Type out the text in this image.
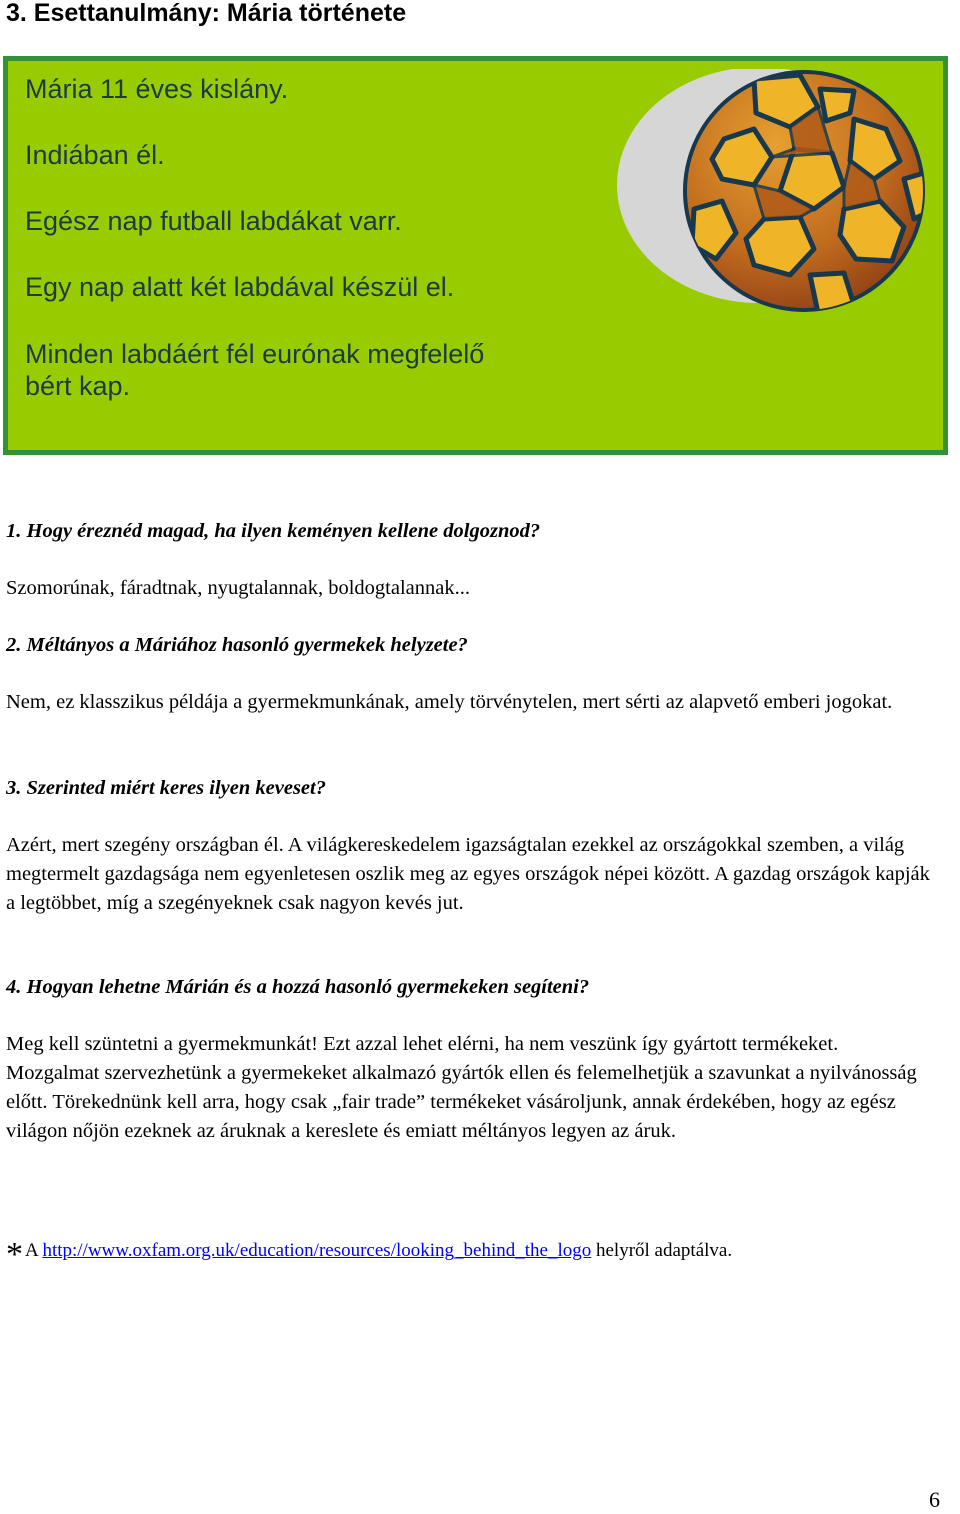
3. Esettanulmány: Mária története

Mária 11 éves kislány.

Indiában él.

Egész nap futball labdákat varr.

Egy nap alatt két labdával készül el.

Minden labdáért fél eurónak megfelelő

bért kap.

1. Hogy éreznéd magad, ha ilyen keményen kellene dolgoznod?

Szomorúnak, fáradtnak, nyugtalannak, boldogtalannak...

2. Méltányos a Máriához hasonló gyermekek helyzete?

Nem, ez klasszikus példája a gyermekmunkának, amely törvénytelen, mert sérti az alapvető emberi jogokat.

3. Szerinted miért keres ilyen keveset?

Azért, mert szegény országban él. A világkereskedelem igazságtalan ezekkel az országokkal szemben, a világ megtermelt gazdagsága nem egyenletesen oszlik meg az egyes országok népei között. A gazdag országok kapják a legtöbbet, míg a szegényeknek csak nagyon kevés jut.

4. Hogyan lehetne Márián és a hozzá hasonló gyermekeken segíteni?

Meg kell szüntetni a gyermekmunkát! Ezt azzal lehet elérni, ha nem veszünk így gyártott termékeket. Mozgalmat szervezhetünk a gyermekeket alkalmazó gyártók ellen és felemelhetjük a szavunkat a nyilvánosság előtt. Törekednünk kell arra, hogy csak „fair trade” termékeket vásároljunk, annak érdekében, hogy az egész világon nőjön ezeknek az áruknak a kereslete és emiatt méltányos legyen az áruk.

* A http://www.oxfam.org.uk/education/resources/looking_behind_the_logo helyről adaptálva.

6
